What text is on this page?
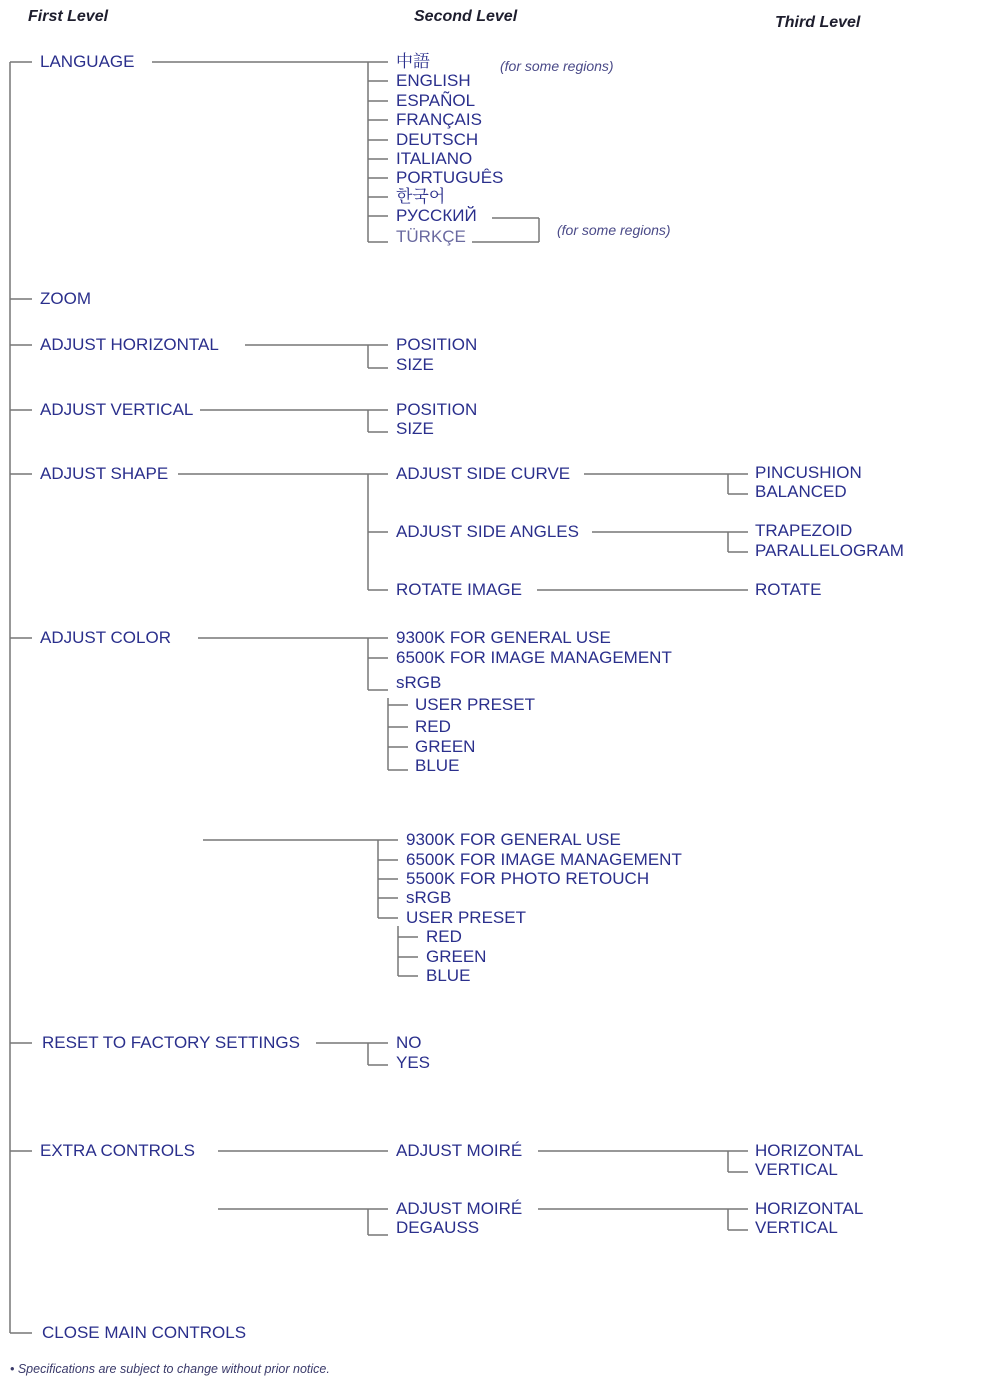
First Level	Second Level	Third Level
LANGUAGE	中語
ENGLISH
ESPAÑOL
FRANÇAIS
DEUTSCH
ITALIANO
PORTUGUÊS
한국어
РУССКИЙ
TÜRKÇE
(for some regions)
(for some regions)
ZOOM
ADJUST HORIZONTAL	POSITION
SIZE
ADJUST VERTICAL	POSITION
SIZE
ADJUST SHAPE	ADJUST SIDE CURVE	PINCUSHION
BALANCED
ADJUST SIDE ANGLES	TRAPEZOID
PARALLELOGRAM
ROTATE IMAGE	ROTATE
ADJUST COLOR	9300K FOR GENERAL USE
6500K FOR IMAGE MANAGEMENT
sRGB
USER PRESET
RED
GREEN
BLUE
9300K FOR GENERAL USE
6500K FOR IMAGE MANAGEMENT
5500K FOR PHOTO RETOUCH
sRGB
USER PRESET
RED
GREEN
BLUE
RESET TO FACTORY SETTINGS	NO
YES
EXTRA CONTROLS	ADJUST MOIRÉ	HORIZONTAL
VERTICAL
ADJUST MOIRÉ
DEGAUSS
HORIZONTAL
VERTICAL
CLOSE MAIN CONTROLS
• Specifications are subject to change without prior notice.
